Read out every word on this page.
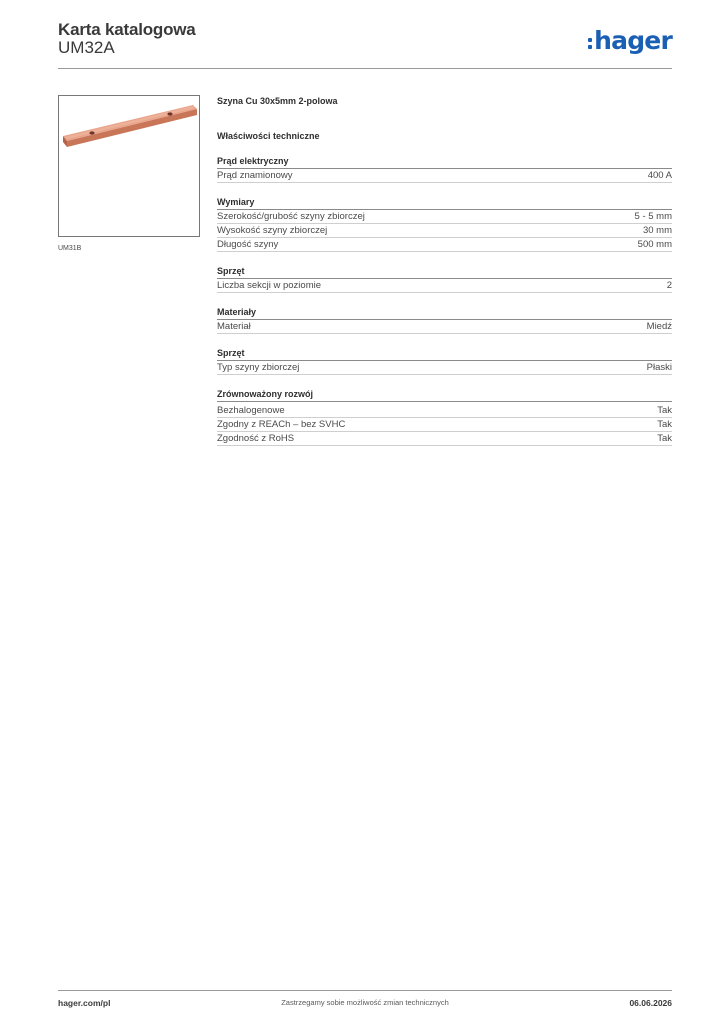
Karta katalogowa
UM32A	hager
UM31B
Szyna Cu 30x5mm 2-polowa
Właściwości techniczne
Prąd elektryczny
Prąd znamionowy	400 A
Wymiary
Szerokość/grubość szyny zbiorczej	5 - 5 mm
Wysokość szyny zbiorczej	30 mm
Długość szyny	500 mm
Sprzęt
Liczba sekcji w poziomie	2
Materiały
Materiał	Miedź
Sprzęt
Typ szyny zbiorczej	Płaski
Zrównoważony rozwój
Bezhalogenowe	Tak
Zgodny z REACh – bez SVHC	Tak
Zgodność z RoHS	Tak
hager.com/pl	Zastrzegamy sobie możliwość zmian technicznych	06.06.2026
